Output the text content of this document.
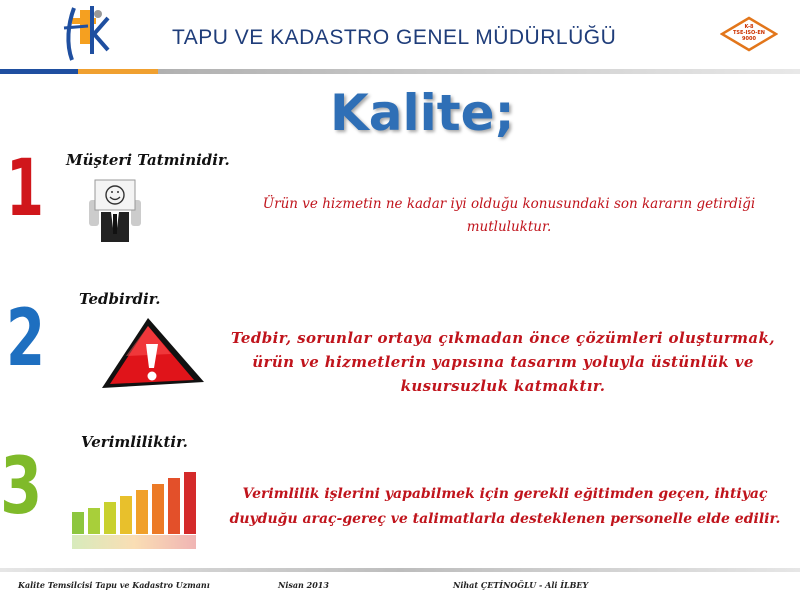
TAPU VE KADASTRO GENEL MÜDÜRLÜĞÜ	K-8
TSE-ISO-EN
9000
Kalite;
1 Müşteri Tatminidir.
Ürün ve hizmetin ne kadar iyi olduğu konusundaki son kararın getirdiği mutluluktur.
2 Tedbirdir.
Tedbir, sorunlar ortaya çıkmadan önce çözümleri oluşturmak, ürün ve hizmetlerin yapısına tasarım yoluyla üstünlük ve kusursuzluk katmaktır.
3	Verimliliktir.
Verimlilik işlerini yapabilmek için gerekli eğitimden geçen, ihtiyaç duyduğu araç-gereç ve talimatlarla desteklenen personelle elde edilir.
Kalite Temsilcisi Tapu ve Kadastro Uzmanı	Nisan 2013	Nihat ÇETİNOĞLU - Ali İLBEY
